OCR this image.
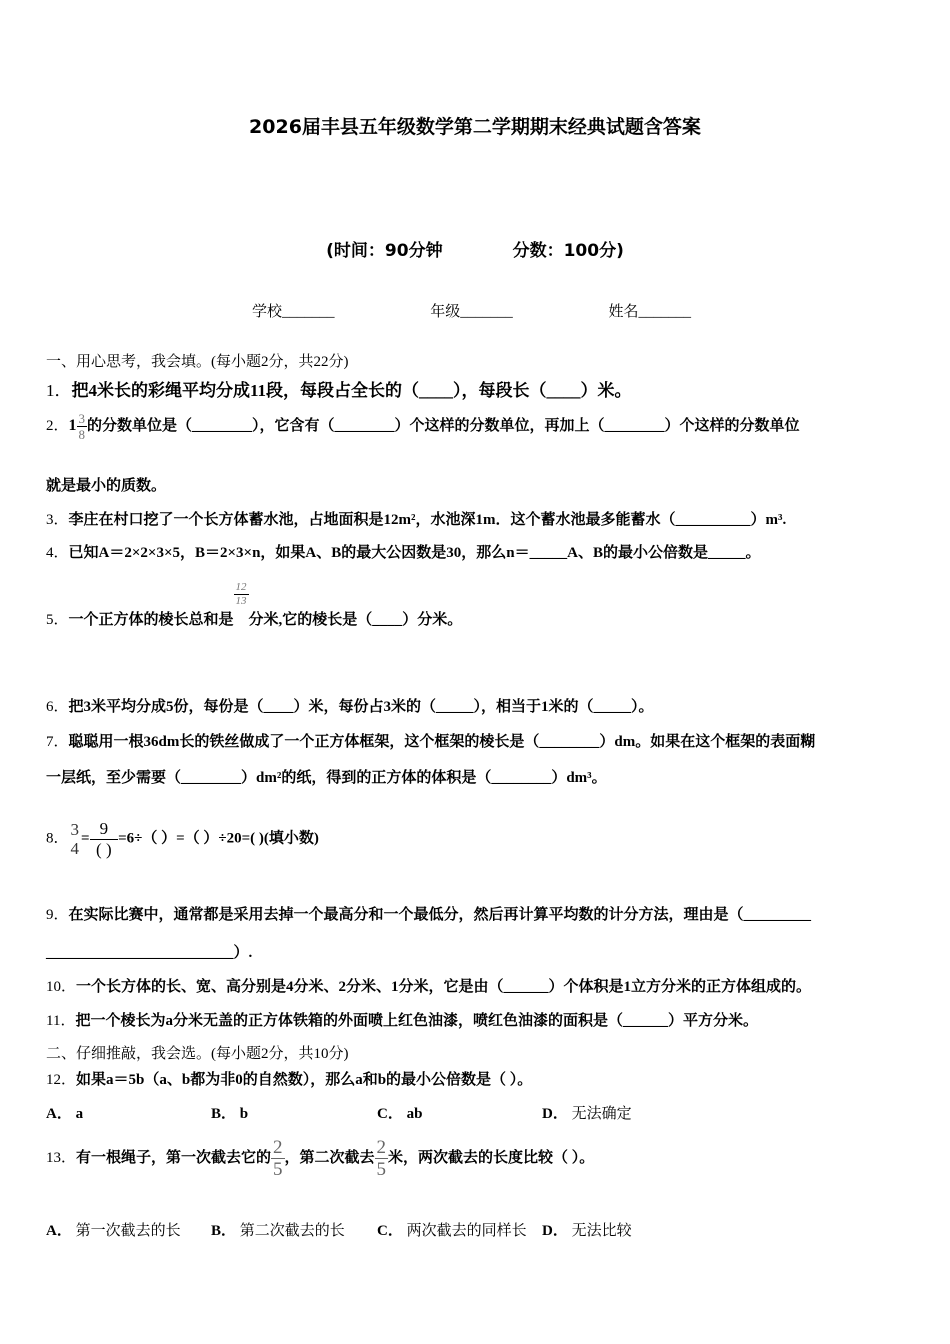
2026届丰县五年级数学第二学期期末经典试题含答案
(时间：90分钟	分数：100分)
学校_______	年级_______	姓名_______
一、用心思考，我会填。(每小题2分，共22分)
1．把4米长的彩绳平均分成11段，每段占全长的（____），每段长（____）米。
2．$1 \frac{3}{8}$ 的分数单位是（________），它含有（________）个这样的分数单位，再加上（________）个这样的分数单位
就是最小的质数。
3．李庄在村口挖了一个长方体蓄水池，占地面积是12m²，水池深1m．这个蓄水池最多能蓄水（__________）m³.
4．已知A＝2×2×3×5，B＝2×3×n，如果A、B的最大公因数是30，那么n＝_____A、B的最小公倍数是_____。
5．一个正方体的棱长总和是
$\frac{12}{13}$
分米,它的棱长是（____）分米。
6．把3米平均分成5份，每份是（____）米，每份占3米的（_____），相当于1米的（_____）。
7．聪聪用一根36dm长的铁丝做成了一个正方体框架，这个框架的棱长是（________）dm。如果在这个框架的表面糊
一层纸，至少需要（________）dm²的纸，得到的正方体的体积是（________）dm³。
8． 3
4
= $\frac{9}{( )} =6\div$（ ）=（ ）÷20=( )(填小数)
9．在实际比赛中，通常都是采用去掉一个最高分和一个最低分，然后再计算平均数的计分方法，理由是（_________
_________________________）.
10．一个长方体的长、宽、高分别是4分米、2分米、1分米，它是由（______）个体积是1立方分米的正方体组成的。
11．把一个棱长为a分米无盖的正方体铁箱的外面喷上红色油漆，喷红色油漆的面积是（______）平方分米。
二、仔细推敲，我会选。(每小题2分，共10分)
12．如果a＝5b（a、b都为非0的自然数），那么a和b的最小公倍数是（ ）。
A． a	B． b	C． ab	D． 无法确定
13．有一根绳子，第一次截去它的 $\frac{2}{5}$ ，第二次截去 $\frac{2}{5}$ 米，两次截去的长度比较（ ）。
A． 第一次截去的长 B． 第二次截去的长 C． 两次截去的同样长 D． 无法比较
